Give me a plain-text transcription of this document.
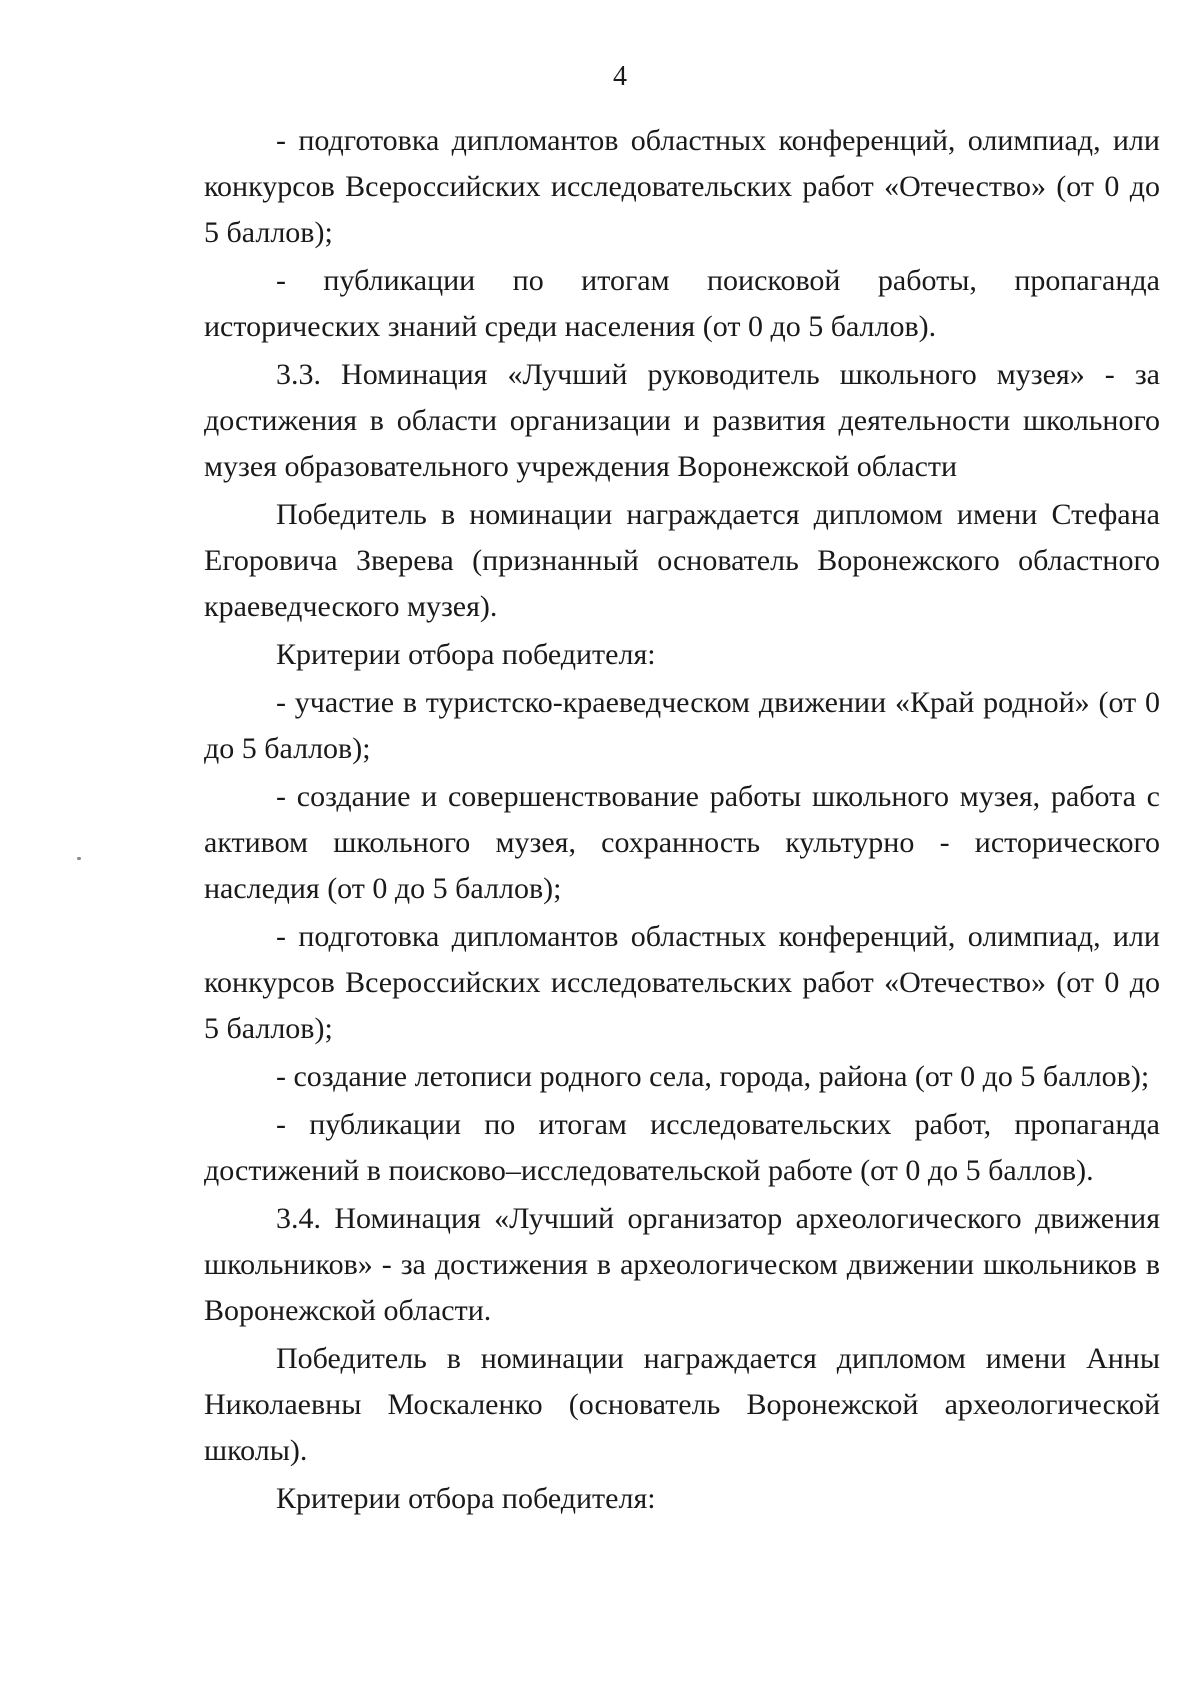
4

- подготовка дипломантов областных конференций, олимпиад, или конкурсов Всероссийских исследовательских работ «Отечество» (от 0 до 5 баллов);

- публикации по итогам поисковой работы, пропаганда исторических знаний среди населения (от 0 до 5 баллов).

3.3. Номинация «Лучший руководитель школьного музея» - за достижения в области организации и развития деятельности школьного музея образовательного учреждения Воронежской области

Победитель в номинации награждается дипломом имени Стефана Егоровича Зверева (признанный основатель Воронежского областного краеведческого музея).

Критерии отбора победителя:

- участие в туристско-краеведческом движении «Край родной» (от 0 до 5 баллов);

- создание и совершенствование работы школьного музея, работа с активом школьного музея, сохранность культурно - исторического наследия (от 0 до 5 баллов);

- подготовка дипломантов областных конференций, олимпиад, или конкурсов Всероссийских исследовательских работ «Отечество» (от 0 до 5 баллов);

- создание летописи родного села, города, района (от 0 до 5 баллов);

- публикации по итогам исследовательских работ, пропаганда достижений в поисково–исследовательской работе (от 0 до 5 баллов).

3.4. Номинация «Лучший организатор археологического движения школьников» - за достижения в археологическом движении школьников в Воронежской области.

Победитель в номинации награждается дипломом имени Анны Николаевны Москаленко (основатель Воронежской археологической школы).

Критерии отбора победителя:
